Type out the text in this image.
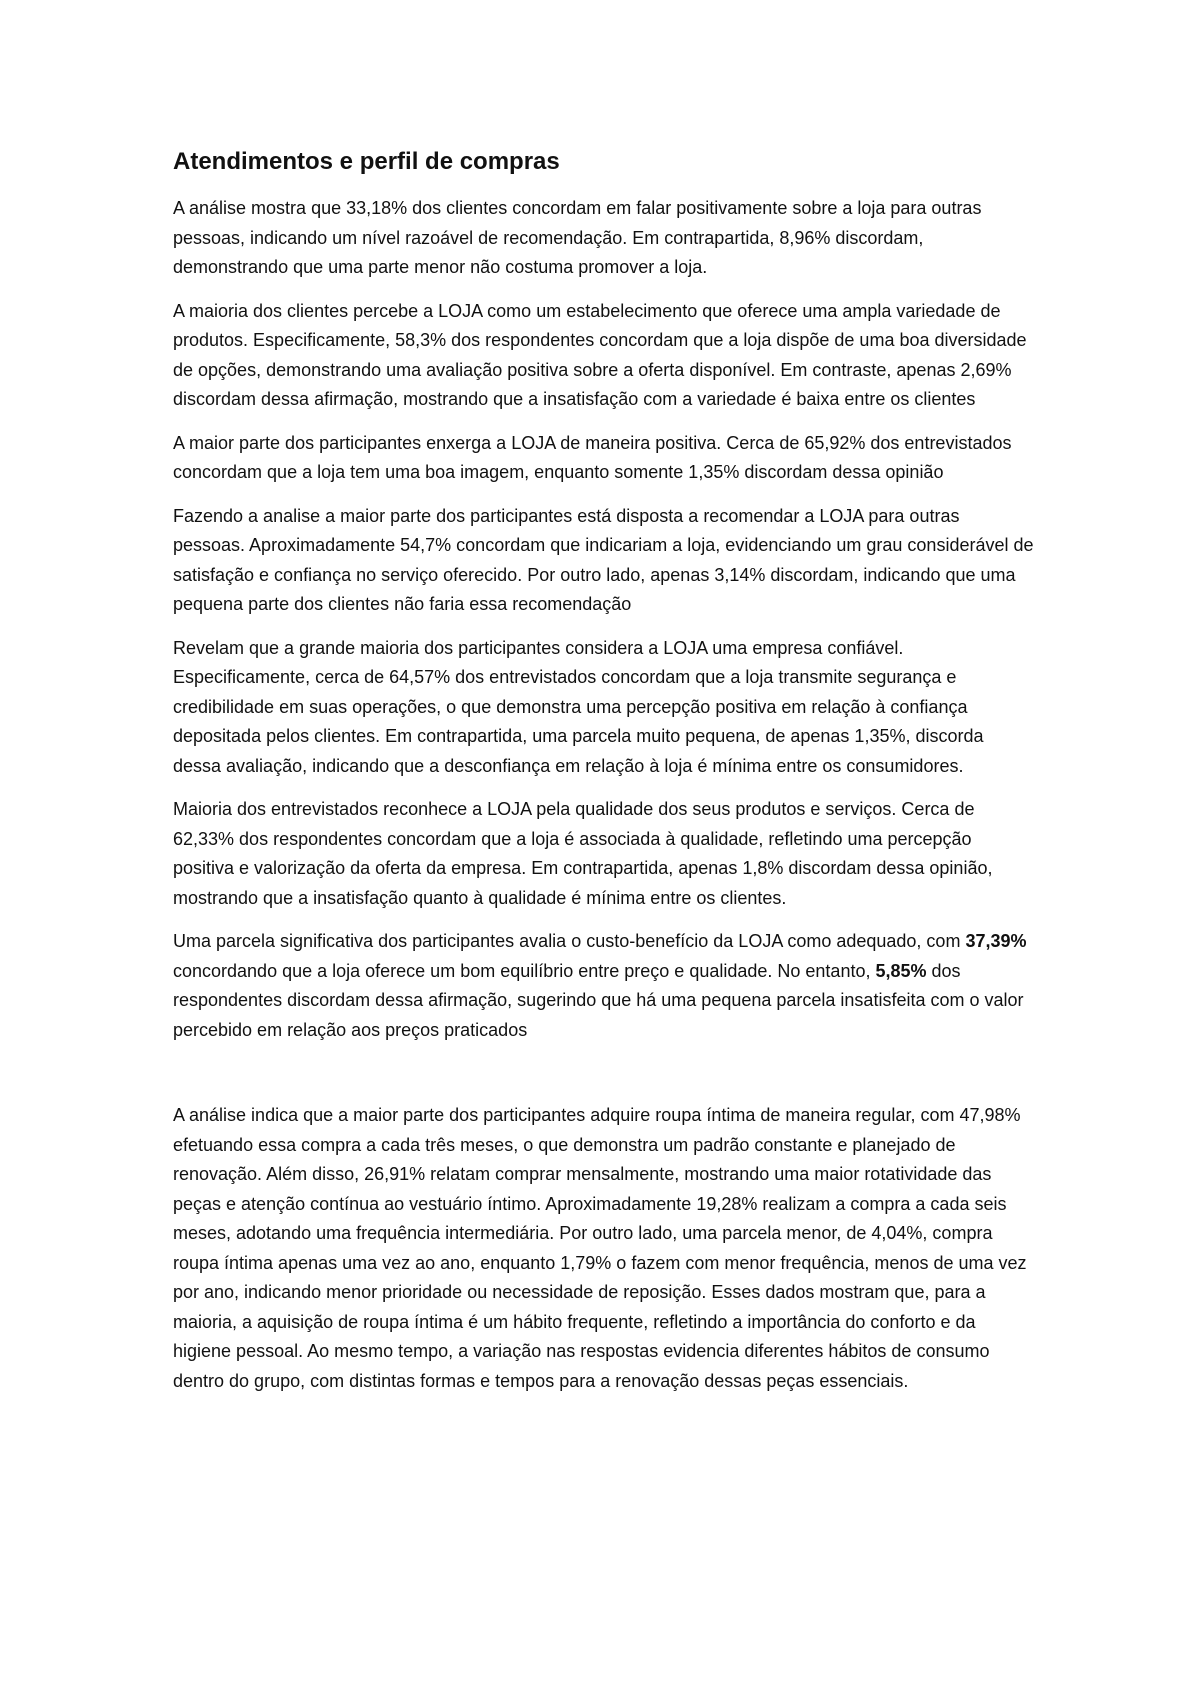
Atendimentos e perfil de compras

A análise mostra que 33,18% dos clientes concordam em falar positivamente sobre a loja para outras pessoas, indicando um nível razoável de recomendação. Em contrapartida, 8,96% discordam, demonstrando que uma parte menor não costuma promover a loja.

A maioria dos clientes percebe a LOJA como um estabelecimento que oferece uma ampla variedade de produtos. Especificamente, 58,3% dos respondentes concordam que a loja dispõe de uma boa diversidade de opções, demonstrando uma avaliação positiva sobre a oferta disponível. Em contraste, apenas 2,69% discordam dessa afirmação, mostrando que a insatisfação com a variedade é baixa entre os clientes

A maior parte dos participantes enxerga a LOJA de maneira positiva. Cerca de 65,92% dos entrevistados concordam que a loja tem uma boa imagem, enquanto somente 1,35% discordam dessa opinião

Fazendo a analise a maior parte dos participantes está disposta a recomendar a LOJA para outras pessoas. Aproximadamente 54,7% concordam que indicariam a loja, evidenciando um grau considerável de satisfação e confiança no serviço oferecido. Por outro lado, apenas 3,14% discordam, indicando que uma pequena parte dos clientes não faria essa recomendação

Revelam que a grande maioria dos participantes considera a LOJA uma empresa confiável. Especificamente, cerca de 64,57% dos entrevistados concordam que a loja transmite segurança e credibilidade em suas operações, o que demonstra uma percepção positiva em relação à confiança depositada pelos clientes. Em contrapartida, uma parcela muito pequena, de apenas 1,35%, discorda dessa avaliação, indicando que a desconfiança em relação à loja é mínima entre os consumidores.

Maioria dos entrevistados reconhece a LOJA pela qualidade dos seus produtos e serviços. Cerca de 62,33% dos respondentes concordam que a loja é associada à qualidade, refletindo uma percepção positiva e valorização da oferta da empresa. Em contrapartida, apenas 1,8% discordam dessa opinião, mostrando que a insatisfação quanto à qualidade é mínima entre os clientes.

Uma parcela significativa dos participantes avalia o custo-benefício da LOJA como adequado, com 37,39% concordando que a loja oferece um bom equilíbrio entre preço e qualidade. No entanto, 5,85% dos respondentes discordam dessa afirmação, sugerindo que há uma pequena parcela insatisfeita com o valor percebido em relação aos preços praticados

A análise indica que a maior parte dos participantes adquire roupa íntima de maneira regular, com 47,98% efetuando essa compra a cada três meses, o que demonstra um padrão constante e planejado de renovação. Além disso, 26,91% relatam comprar mensalmente, mostrando uma maior rotatividade das peças e atenção contínua ao vestuário íntimo. Aproximadamente 19,28% realizam a compra a cada seis meses, adotando uma frequência intermediária. Por outro lado, uma parcela menor, de 4,04%, compra roupa íntima apenas uma vez ao ano, enquanto 1,79% o fazem com menor frequência, menos de uma vez por ano, indicando menor prioridade ou necessidade de reposição. Esses dados mostram que, para a maioria, a aquisição de roupa íntima é um hábito frequente, refletindo a importância do conforto e da higiene pessoal. Ao mesmo tempo, a variação nas respostas evidencia diferentes hábitos de consumo dentro do grupo, com distintas formas e tempos para a renovação dessas peças essenciais.
